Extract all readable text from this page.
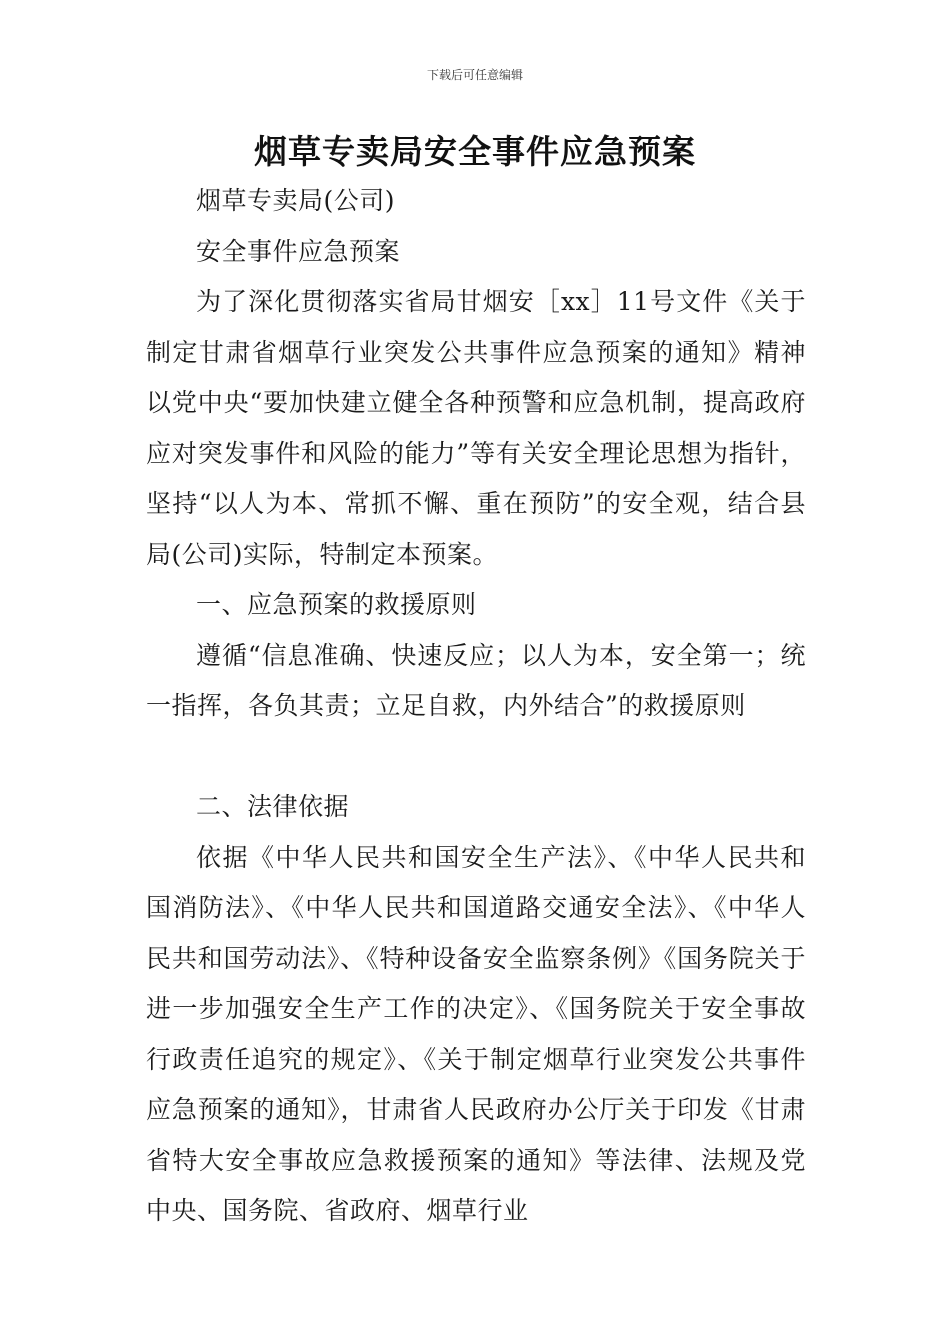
下载后可任意编辑
烟草专卖局安全事件应急预案

烟草专卖局(公司)

安全事件应急预案

为了深化贯彻落实省局甘烟安［xx］11号文件《关于制定甘肃省烟草行业突发公共事件应急预案的通知》精神以党中央“要加快建立健全各种预警和应急机制，提高政府应对突发事件和风险的能力”等有关安全理论思想为指针，坚持“以人为本、常抓不懈、重在预防”的安全观，结合县局(公司)实际，特制定本预案。

一、应急预案的救援原则

遵循“信息准确、快速反应；以人为本，安全第一；统一指挥，各负其责；立足自救，内外结合”的救援原则

二、法律依据

依据《中华人民共和国安全生产法》、《中华人民共和国消防法》、《中华人民共和国道路交通安全法》、《中华人民共和国劳动法》、《特种设备安全监察条例》《国务院关于进一步加强安全生产工作的决定》、《国务院关于安全事故行政责任追究的规定》、《关于制定烟草行业突发公共事件应急预案的通知》，甘肃省人民政府办公厅关于印发《甘肃省特大安全事故应急救援预案的通知》等法律、法规及党中央、国务院、省政府、烟草行业
